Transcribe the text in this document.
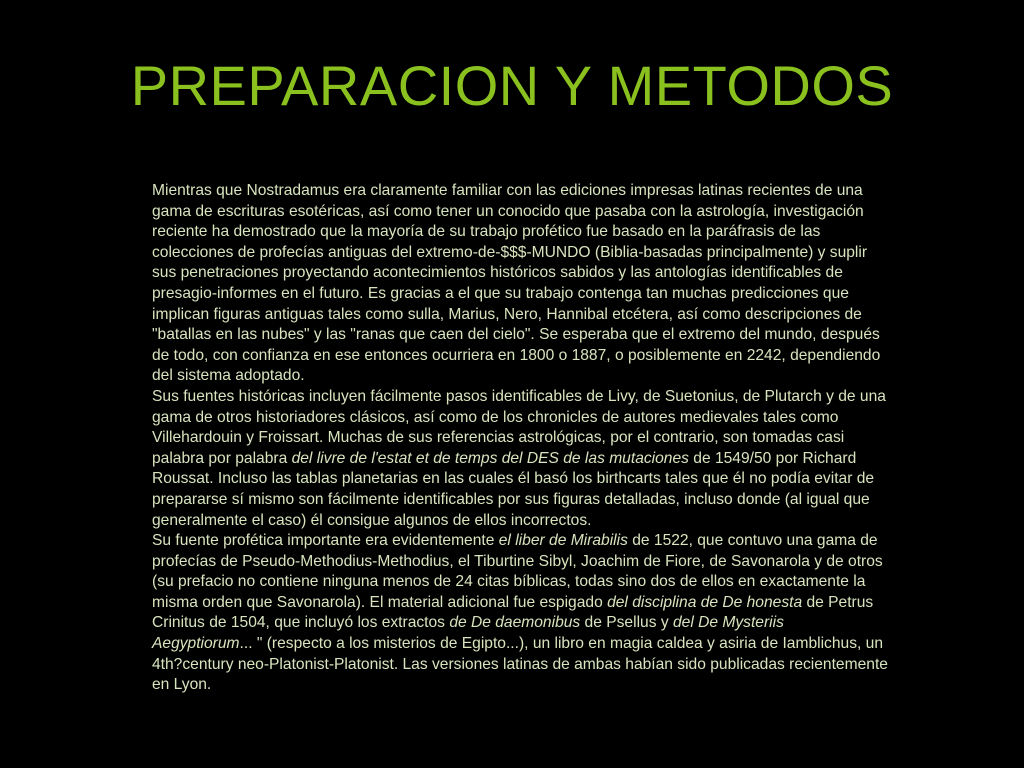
PREPARACION Y METODOS

Mientras que Nostradamus era claramente familiar con las ediciones impresas latinas recientes de una gama de escrituras esotéricas, así como tener un conocido que pasaba con la astrología, investigación reciente ha demostrado que la mayoría de su trabajo profético fue basado en la paráfrasis de las colecciones de profecías antiguas del extremo-de-$$$-MUNDO (Biblia-basadas principalmente) y suplir sus penetraciones proyectando acontecimientos históricos sabidos y las antologías identificables de presagio-informes en el futuro. Es gracias a el que su trabajo contenga tan muchas predicciones que implican figuras antiguas tales como sulla, Marius, Nero, Hannibal etcétera, así como descripciones de "batallas en las nubes" y las "ranas que caen del cielo". Se esperaba que el extremo del mundo, después de todo, con confianza en ese entonces ocurriera en 1800 o 1887, o posiblemente en 2242, dependiendo del sistema adoptado.

Sus fuentes históricas incluyen fácilmente pasos identificables de Livy, de Suetonius, de Plutarch y de una gama de otros historiadores clásicos, así como de los chronicles de autores medievales tales como Villehardouin y Froissart. Muchas de sus referencias astrológicas, por el contrario, son tomadas casi palabra por palabra del livre de l'estat et de temps del DES de las mutaciones de 1549/50 por Richard Roussat. Incluso las tablas planetarias en las cuales él basó los birthcarts tales que él no podía evitar de prepararse sí mismo son fácilmente identificables por sus figuras detalladas, incluso donde (al igual que generalmente el caso) él consigue algunos de ellos incorrectos.

Su fuente profética importante era evidentemente el liber de Mirabilis de 1522, que contuvo una gama de profecías de Pseudo-Methodius-Methodius, el Tiburtine Sibyl, Joachim de Fiore, de Savonarola y de otros (su prefacio no contiene ninguna menos de 24 citas bíblicas, todas sino dos de ellos en exactamente la misma orden que Savonarola). El material adicional fue espigado del disciplina de De honesta de Petrus Crinitus de 1504, que incluyó los extractos de De daemonibus de Psellus y del De Mysteriis Aegyptiorum... " (respecto a los misterios de Egipto...), un libro en magia caldea y asiria de Iamblichus, un 4th?century neo-Platonist-Platonist. Las versiones latinas de ambas habían sido publicadas recientemente en Lyon.
